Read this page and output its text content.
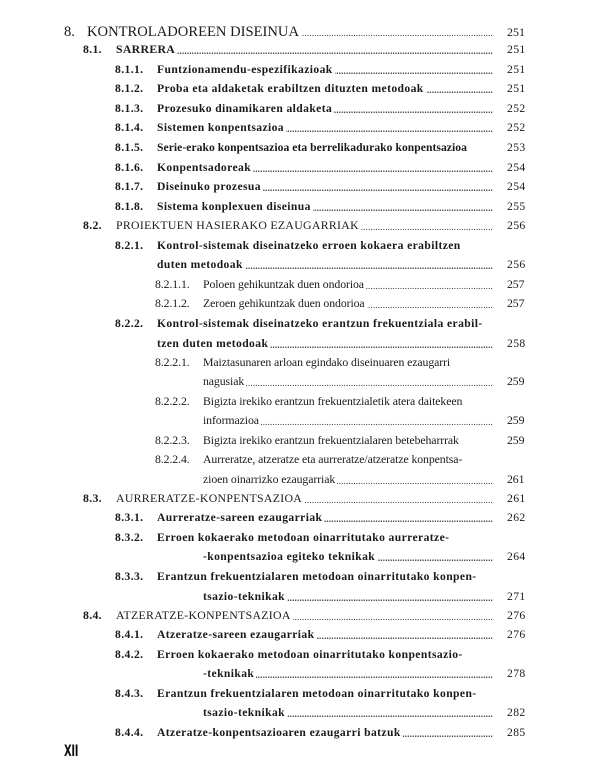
8. ..... KONTROLADOREEN DISEINUA	251
8.1. ..... SARRERA	251
8.1.1. ..... Funtzionamendu-espezifikazioak	251
8.1.2. ..... Proba eta aldaketak erabiltzen dituzten metodoak	251
8.1.3. ..... Prozesuko dinamikaren aldaketa	252
8.1.4. ..... Sistemen konpentsazioa	252
8.1.5. Serie-erako konpentsazioa eta berrelikadurako konpentsazioa	253
8.1.6. ..... Konpentsadoreak	254
8.1.7. ..... Diseinuko prozesua	254
8.1.8. ..... Sistema konplexuen diseinua	255
8.2. ..... PROIEKTUEN HASIERAKO EZAUGARRIAK	256
8.2.1. Kontrol-sistemak diseinatzeko erroen kokaera erabiltzen
.....
duten metodoak	256
8.2.1.1. ..... Poloen gehikuntzak duen ondorioa	257
8.2.1.2. ..... Zeroen gehikuntzak duen ondorioa	257
8.2.2. Kontrol-sistemak diseinatzeko erantzun frekuentziala erabil-
.....
tzen duten metodoak	258
8.2.2.1. Maiztasunaren arloan egindako diseinuaren ezaugarri
.....
nagusiak	259
8.2.2.2. Bigizta irekiko erantzun frekuentzialetik atera daitekeen
.....
informazioa	259
8.2.2.3. Bigizta irekiko erantzun frekuentzialaren betebeharrrak	259
8.2.2.4. Aurreratze, atzeratze eta aurreratze/atzeratze konpentsa-
.....
zioen oinarrizko ezaugarriak	261
8.3. ..... AURRERATZE-KONPENTSAZIOA	261
8.3.1. ..... Aurreratze-sareen ezaugarriak	262
8.3.2. Erroen kokaerako metodoan oinarritutako aurreratze-
.....
-konpentsazioa egiteko teknikak	264
8.3.3. Erantzun frekuentzialaren metodoan oinarritutako konpen-
.....
tsazio-teknikak	271
8.4. ..... ATZERATZE-KONPENTSAZIOA	276
8.4.1. ..... Atzeratze-sareen ezaugarriak	276
8.4.2. Erroen kokaerako metodoan oinarritutako konpentsazio-
.....
-teknikak	278
8.4.3. Erantzun frekuentzialaren metodoan oinarritutako konpen-
.....
tsazio-teknikak	282
8.4.4. ..... Atzeratze-konpentsazioaren ezaugarri batzuk	285
XII
